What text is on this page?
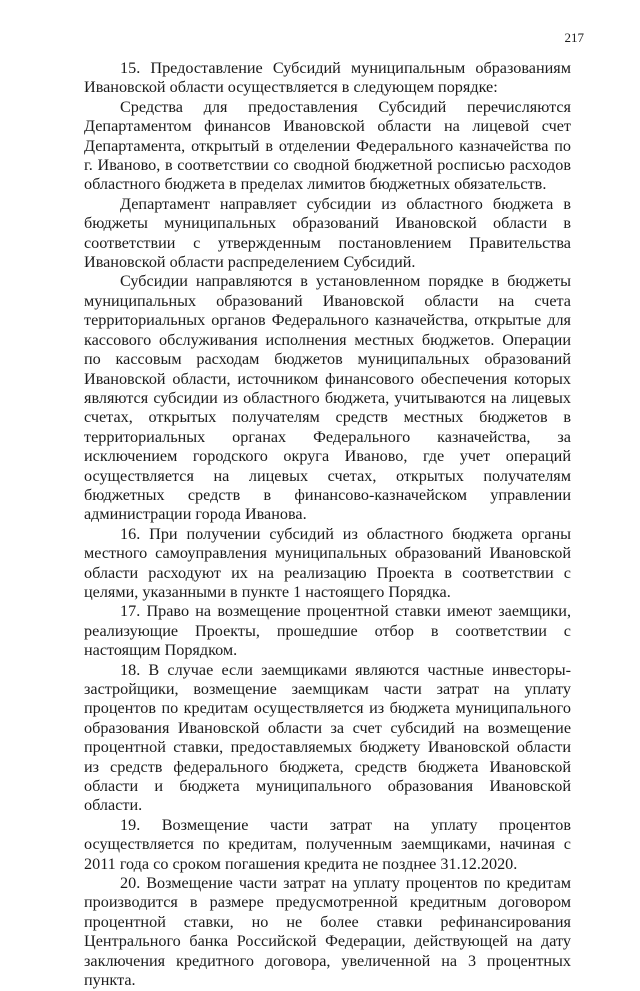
217

15. Предоставление Субсидий муниципальным образованиям Ивановской области осуществляется в следующем порядке:

Средства для предоставления Субсидий перечисляются Департаментом финансов Ивановской области на лицевой счет Департамента, открытый в отделении Федерального казначейства по г. Иваново, в соответствии со сводной бюджетной росписью расходов областного бюджета в пределах лимитов бюджетных обязательств.

Департамент направляет субсидии из областного бюджета в бюджеты муниципальных образований Ивановской области в соответствии с утвержденным постановлением Правительства Ивановской области распределением Субсидий.

Субсидии направляются в установленном порядке в бюджеты муниципальных образований Ивановской области на счета территориальных органов Федерального казначейства, открытые для кассового обслуживания исполнения местных бюджетов. Операции по кассовым расходам бюджетов муниципальных образований Ивановской области, источником финансового обеспечения которых являются субсидии из областного бюджета, учитываются на лицевых счетах, открытых получателям средств местных бюджетов в территориальных органах Федерального казначейства, за исключением городского округа Иваново, где учет операций осуществляется на лицевых счетах, открытых получателям бюджетных средств в финансово-казначейском управлении администрации города Иванова.

16. При получении субсидий из областного бюджета органы местного самоуправления муниципальных образований Ивановской области расходуют их на реализацию Проекта в соответствии с целями, указанными в пункте 1 настоящего Порядка.

17. Право на возмещение процентной ставки имеют заемщики, реализующие Проекты, прошедшие отбор в соответствии с настоящим Порядком.

18. В случае если заемщиками являются частные инвесторы-застройщики, возмещение заемщикам части затрат на уплату процентов по кредитам осуществляется из бюджета муниципального образования Ивановской области за счет субсидий на возмещение процентной ставки, предоставляемых бюджету Ивановской области из средств федерального бюджета, средств бюджета Ивановской области и бюджета муниципального образования Ивановской области.

19. Возмещение части затрат на уплату процентов осуществляется по кредитам, полученным заемщиками, начиная с 2011 года со сроком погашения кредита не позднее 31.12.2020.

20. Возмещение части затрат на уплату процентов по кредитам производится в размере предусмотренной кредитным договором процентной ставки, но не более ставки рефинансирования Центрального банка Российской Федерации, действующей на дату заключения кредитного договора, увеличенной на 3 процентных пункта.
